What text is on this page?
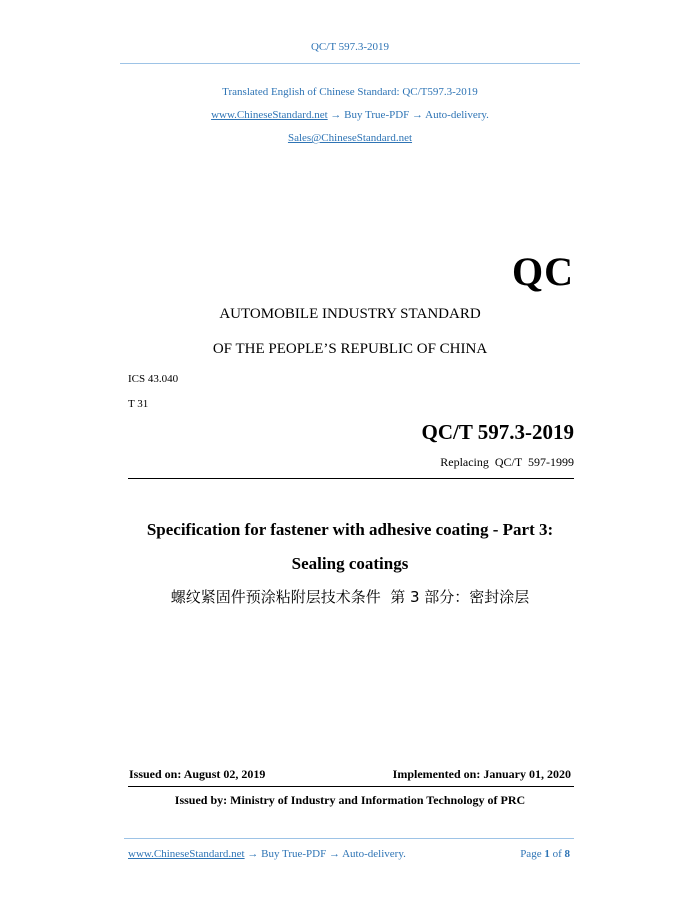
QC/T 597.3-2019
Translated English of Chinese Standard: QC/T597.3-2019
www.ChineseStandard.net → Buy True-PDF → Auto-delivery.
Sales@ChineseStandard.net
QC
AUTOMOBILE INDUSTRY STANDARD
OF THE PEOPLE’S REPUBLIC OF CHINA
ICS 43.040
T 31
QC/T 597.3-2019
Replacing  QC/T  597-1999
Specification for fastener with adhesive coating - Part 3:
Sealing coatings
螺纹紧固件预涂粘附层技术条件  第 3 部分：密封涂层
Issued on: August 02, 2019	Implemented on: January 01, 2020
Issued by: Ministry of Industry and Information Technology of PRC
www.ChineseStandard.net → Buy True-PDF → Auto-delivery.	Page 1 of 8
